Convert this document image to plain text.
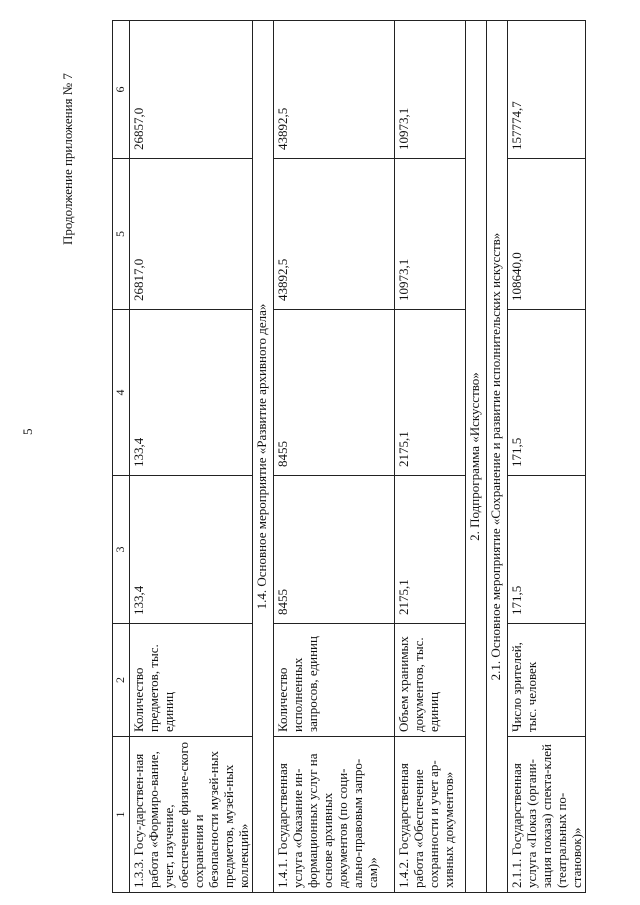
5
Продолжение приложения № 7
1	2	3	4	5	6
1.3.3. Госу-дарствен-ная работа «Формиро-вание, учет, изучение, обеспечение физиче-ского сохранения и безопасности музей-ных предметов, музей-ных коллекций»	Количество предметов, тыс. единиц	133,4	133,4	26817,0	26857,0
1.4. Основное мероприятие «Развитие архивного дела»					
1.4.1. Государственная услуга «Оказание ин-формационных услуг на основе архивных документов (по соци-ально-правовым запро-сам)»	Количество исполненных запросов, единиц	8455	8455	43892,5	43892,5
1.4.2. Государственная работа «Обеспечение сохранности и учет ар-хивных документов»	Объем хранимых документов, тыс. единиц	2175,1	2175,1	10973,1	10973,1
2. Подпрограмма «Искусство»					
2.1. Основное мероприятие «Сохранение и развитие исполнительских искусств»					
2.1.1. Государственная услуга «Показ (органи-зация показа) спекта-клей (театральных по-становок)»	Число зрителей, тыс. человек	171,5	171,5	108640,0	157774,7
